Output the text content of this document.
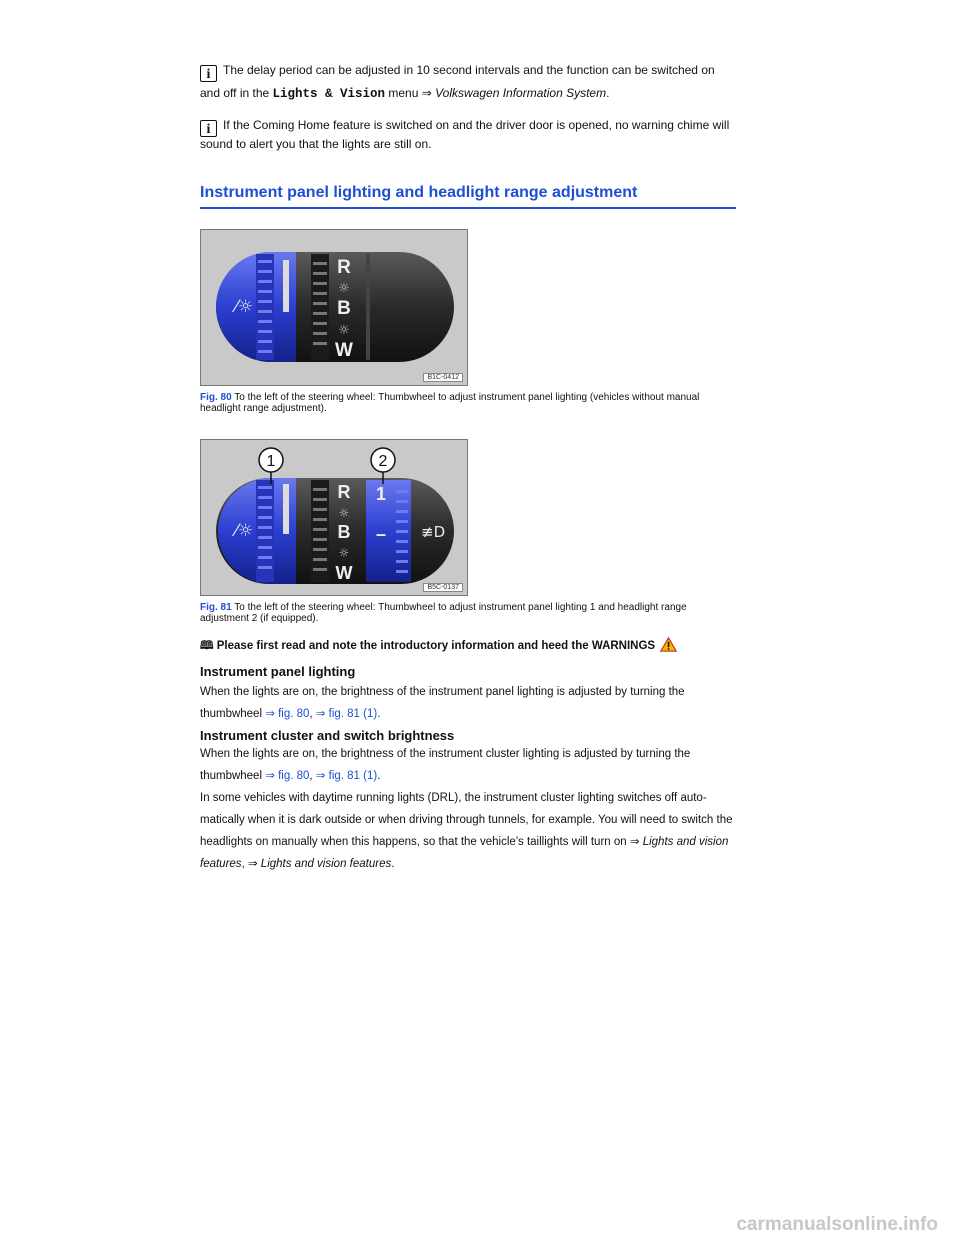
i The delay period can be adjusted in 10 second intervals and the function can be switched on and off in the Lights & Vision menu ⇒ Volkswagen Information System.
i If the Coming Home feature is switched on and the driver door is opened, no warning chime will sound to alert you that the lights are still on.
Instrument panel lighting and headlight range adjustment
R
B
W
☼
☼
⁄☼
B1C-0412
Fig. 80 To the left of the steering wheel: Thumbwheel to adjust instrument panel lighting (vehicles without manual headlight range adjustment).
R
B
W
☼
☼
1
–
⁄☼	≢D
1	2
B5C-0137
Fig. 81 To the left of the steering wheel: Thumbwheel to adjust instrument panel lighting 1 and headlight range adjustment 2 (if equipped).
🕮 Please first read and note the introductory information and heed the WARNINGS
Instrument panel lighting
When the lights are on, the brightness of the instrument panel lighting is adjusted by turning the thumbwheel ⇒ fig. 80, ⇒ fig. 81 (1).
Instrument cluster and switch brightness
When the lights are on, the brightness of the instrument cluster lighting is adjusted by turning the thumbwheel ⇒ fig. 80, ⇒ fig. 81 (1).
In some vehicles with daytime running lights (DRL), the instrument cluster lighting switches off auto-matically when it is dark outside or when driving through tunnels, for example. You will need to switch the headlights on manually when this happens, so that the vehicle's taillights will turn on ⇒ Lights and vision features, ⇒ Lights and vision features.
carmanualsonline.info
